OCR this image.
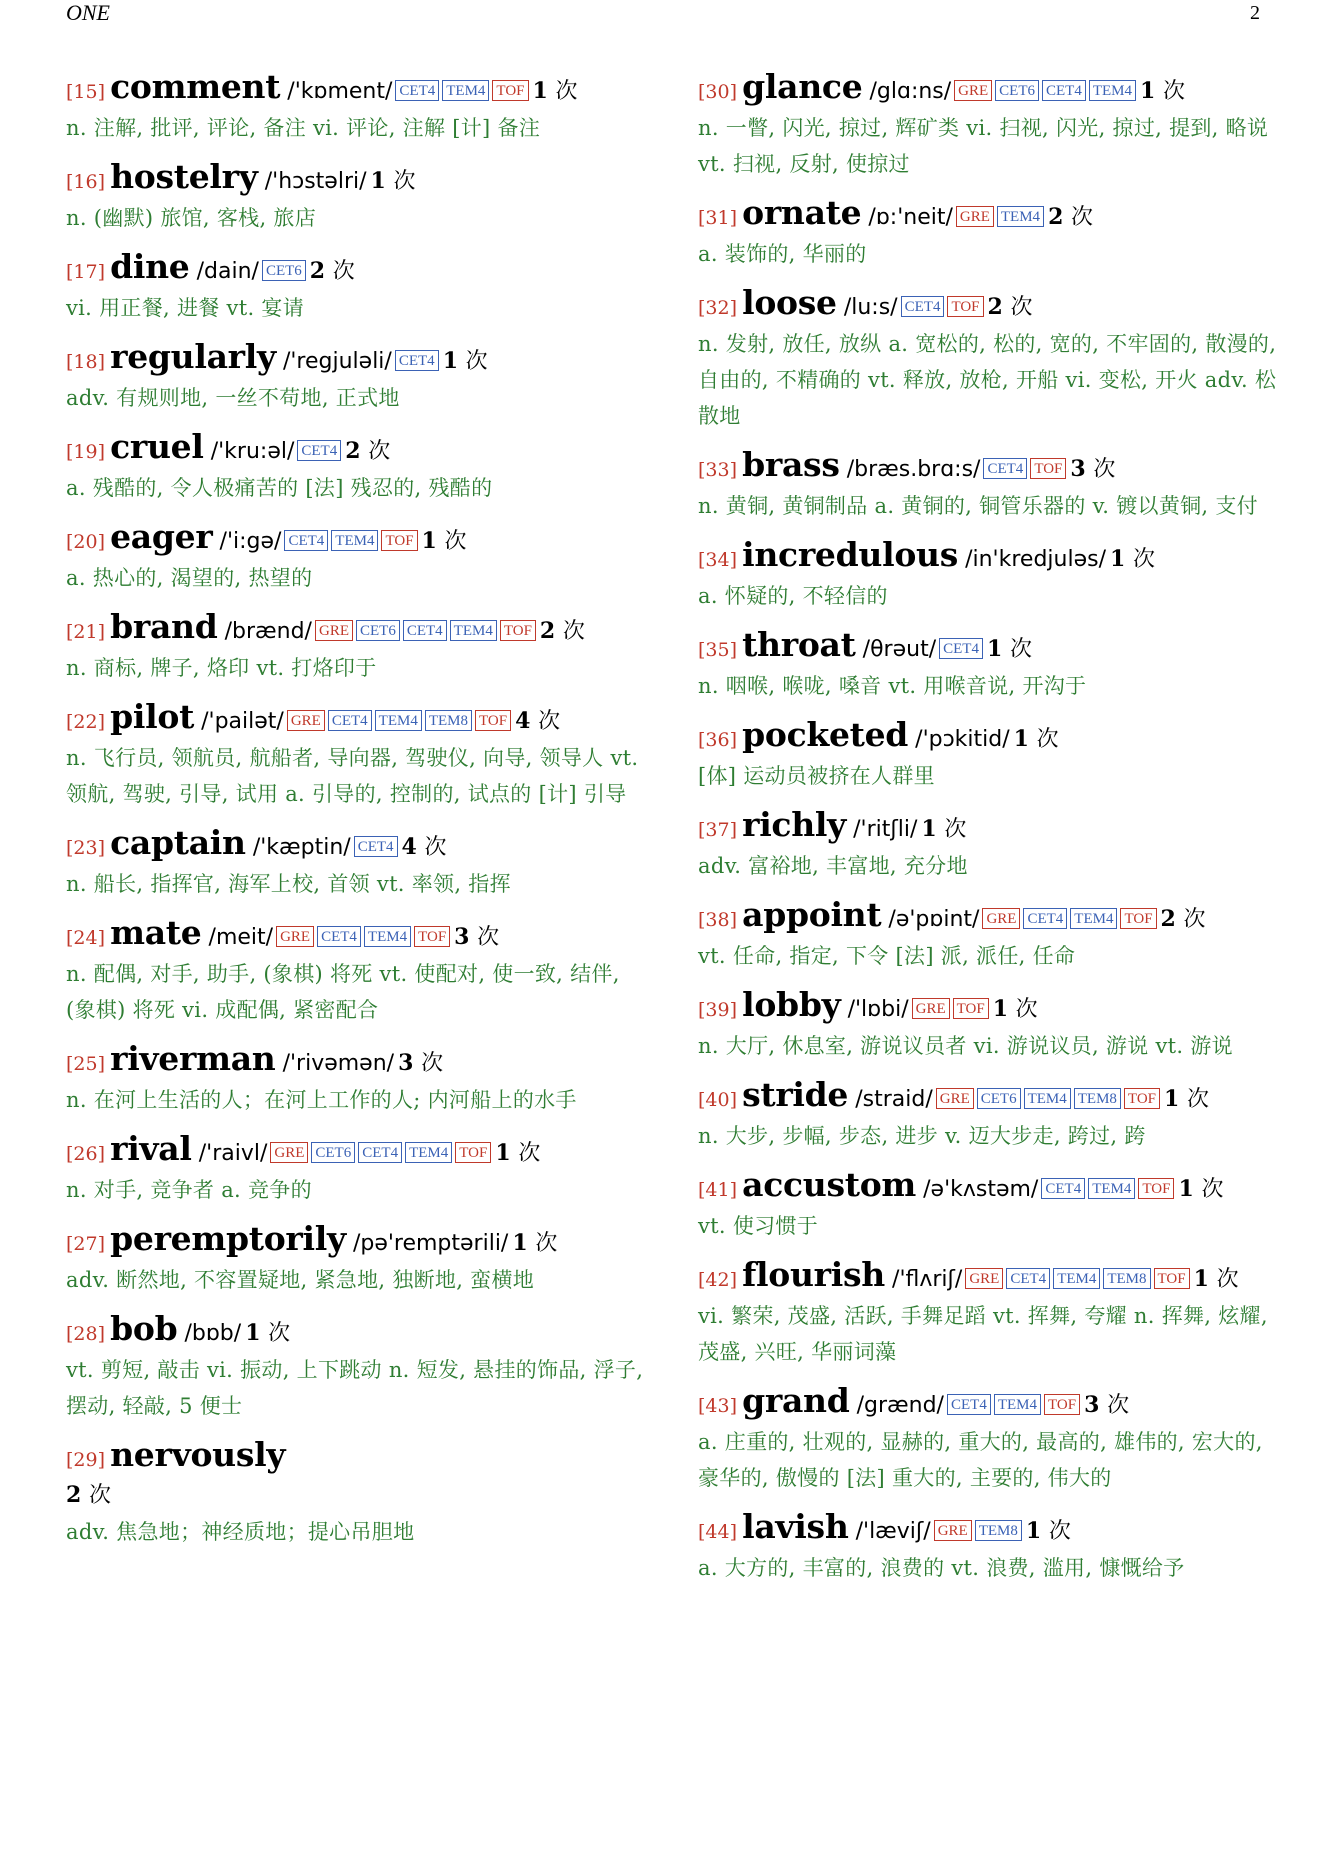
ONE	2
[15] comment /'kɒment/ CET4 TEM4 TOF 1 次
n. 注解, 批评, 评论, 备注 vi. 评论, 注解 [计] 备注
[16] hostelry /'hɔstəlri/ 1 次
n. (幽默) 旅馆, 客栈, 旅店
[17] dine /dain/ CET6 2 次
vi. 用正餐, 进餐 vt. 宴请
[18] regularly /'regjuləli/ CET4 1 次
adv. 有规则地, 一丝不苟地, 正式地
[19] cruel /'kru:əl/ CET4 2 次
a. 残酷的, 令人极痛苦的 [法] 残忍的, 残酷的
[20] eager /'i:gə/ CET4 TEM4 TOF 1 次
a. 热心的, 渴望的, 热望的
[21] brand /brænd/ GRE CET6 CET4 TEM4 TOF 2 次
n. 商标, 牌子, 烙印 vt. 打烙印于
[22] pilot /'pailət/ GRE CET4 TEM4 TEM8 TOF 4 次
n. 飞行员, 领航员, 航船者, 导向器, 驾驶仪, 向导, 领导人 vt. 领航, 驾驶, 引导, 试用 a. 引导的, 控制的, 试点的 [计] 引导
[23] captain /'kæptin/ CET4 4 次
n. 船长, 指挥官, 海军上校, 首领 vt. 率领, 指挥
[24] mate /meit/ GRE CET4 TEM4 TOF 3 次
n. 配偶, 对手, 助手, (象棋) 将死 vt. 使配对, 使一致, 结伴, (象棋) 将死 vi. 成配偶, 紧密配合
[25] riverman /'rivəmən/ 3 次
n. 在河上生活的人；在河上工作的人; 内河船上的水手
[26] rival /'raivl/ GRE CET6 CET4 TEM4 TOF 1 次
n. 对手, 竞争者 a. 竞争的
[27] peremptorily /pə'remptərili/ 1 次
adv. 断然地, 不容置疑地, 紧急地, 独断地, 蛮横地
[28] bob /bɒb/ 1 次
vt. 剪短, 敲击 vi. 振动, 上下跳动 n. 短发, 悬挂的饰品, 浮子, 摆动, 轻敲, 5 便士
[29] nervously
2 次
adv. 焦急地；神经质地；提心吊胆地
[30] glance /glɑ:ns/ GRE CET6 CET4 TEM4 1 次
n. 一瞥, 闪光, 掠过, 辉矿类 vi. 扫视, 闪光, 掠过, 提到, 略说 vt. 扫视, 反射, 使掠过
[31] ornate /ɒ:'neit/ GRE TEM4 2 次
a. 装饰的, 华丽的
[32] loose /lu:s/ CET4 TOF 2 次
n. 发射, 放任, 放纵 a. 宽松的, 松的, 宽的, 不牢固的, 散漫的, 自由的, 不精确的 vt. 释放, 放枪, 开船 vi. 变松, 开火 adv. 松散地
[33] brass /bræs.brɑ:s/ CET4 TOF 3 次
n. 黄铜, 黄铜制品 a. 黄铜的, 铜管乐器的 v. 镀以黄铜, 支付
[34] incredulous /in'kredjuləs/ 1 次
a. 怀疑的, 不轻信的
[35] throat /θrəut/ CET4 1 次
n. 咽喉, 喉咙, 嗓音 vt. 用喉音说, 开沟于
[36] pocketed /'pɔkitid/ 1 次
[体] 运动员被挤在人群里
[37] richly /'ritʃli/ 1 次
adv. 富裕地, 丰富地, 充分地
[38] appoint /ə'pɒint/ GRE CET4 TEM4 TOF 2 次
vt. 任命, 指定, 下令 [法] 派, 派任, 任命
[39] lobby /'lɒbi/ GRE TOF 1 次
n. 大厅, 休息室, 游说议员者 vi. 游说议员, 游说 vt. 游说
[40] stride /straid/ GRE CET6 TEM4 TEM8 TOF 1 次
n. 大步, 步幅, 步态, 进步 v. 迈大步走, 跨过, 跨
[41] accustom /ə'kʌstəm/ CET4 TEM4 TOF 1 次
vt. 使习惯于
[42] flourish /'flʌriʃ/ GRE CET4 TEM4 TEM8 TOF 1 次
vi. 繁荣, 茂盛, 活跃, 手舞足蹈 vt. 挥舞, 夸耀 n. 挥舞, 炫耀, 茂盛, 兴旺, 华丽词藻
[43] grand /grænd/ CET4 TEM4 TOF 3 次
a. 庄重的, 壮观的, 显赫的, 重大的, 最高的, 雄伟的, 宏大的, 豪华的, 傲慢的 [法] 重大的, 主要的, 伟大的
[44] lavish /'læviʃ/ GRE TEM8 1 次
a. 大方的, 丰富的, 浪费的 vt. 浪费, 滥用, 慷慨给予
